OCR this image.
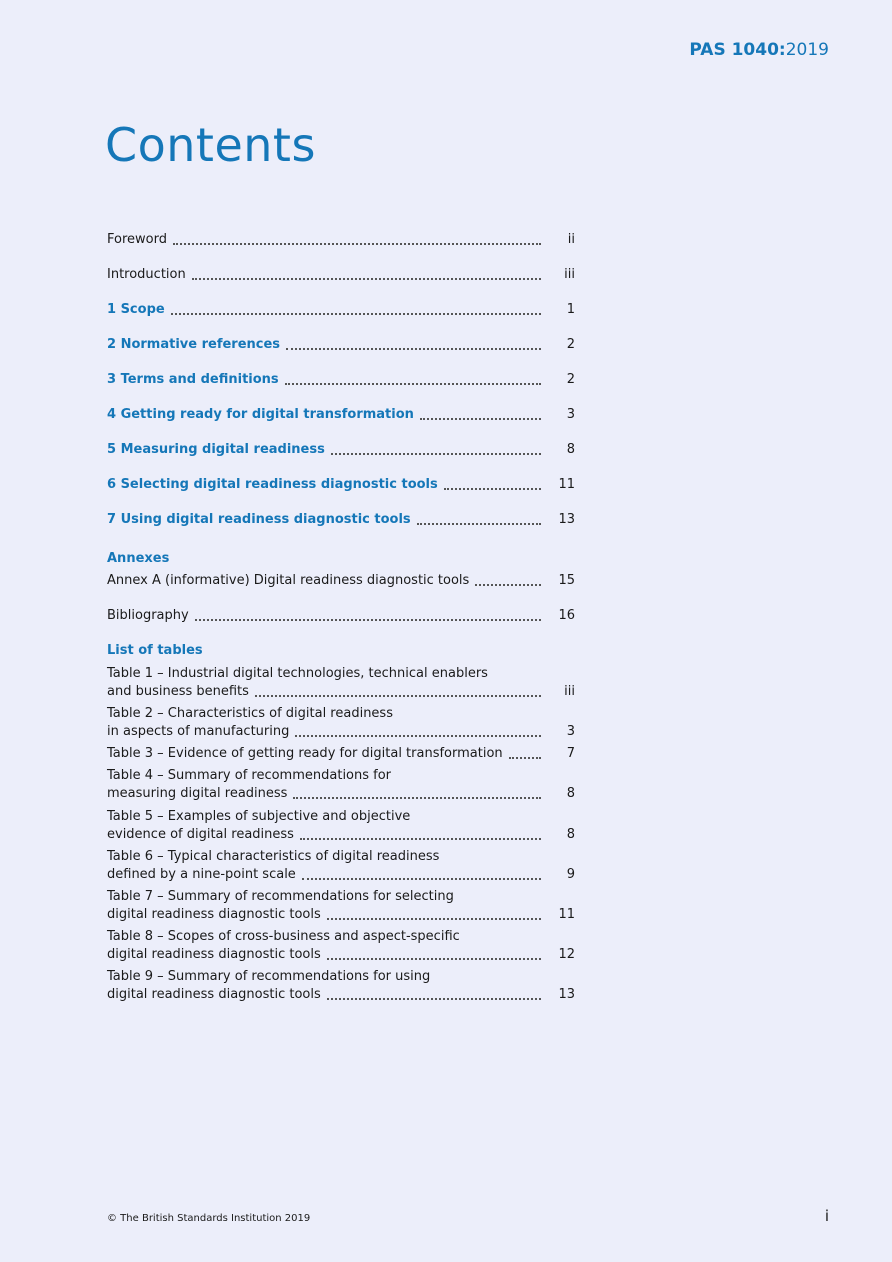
PAS 1040:2019
Contents
Foreword	ii
Introduction	iii
1 Scope	1
2 Normative references	2
3 Terms and definitions	2
4 Getting ready for digital transformation	3
5 Measuring digital readiness	8
6 Selecting digital readiness diagnostic tools	11
7 Using digital readiness diagnostic tools	13
Annexes
Annex A (informative) Digital readiness diagnostic tools	15
Bibliography	16
List of tables
Table 1 – Industrial digital technologies, technical enablers
and business benefits	iii
Table 2 – Characteristics of digital readiness
in aspects of manufacturing	3
Table 3 – Evidence of getting ready for digital transformation	7
Table 4 – Summary of recommendations for
measuring digital readiness	8
Table 5 – Examples of subjective and objective
evidence of digital readiness	8
Table 6 – Typical characteristics of digital readiness
defined by a nine-point scale	9
Table 7 – Summary of recommendations for selecting
digital readiness diagnostic tools	11
Table 8 – Scopes of cross-business and aspect-specific
digital readiness diagnostic tools	12
Table 9 – Summary of recommendations for using
digital readiness diagnostic tools	13
© The British Standards Institution 2019	i
